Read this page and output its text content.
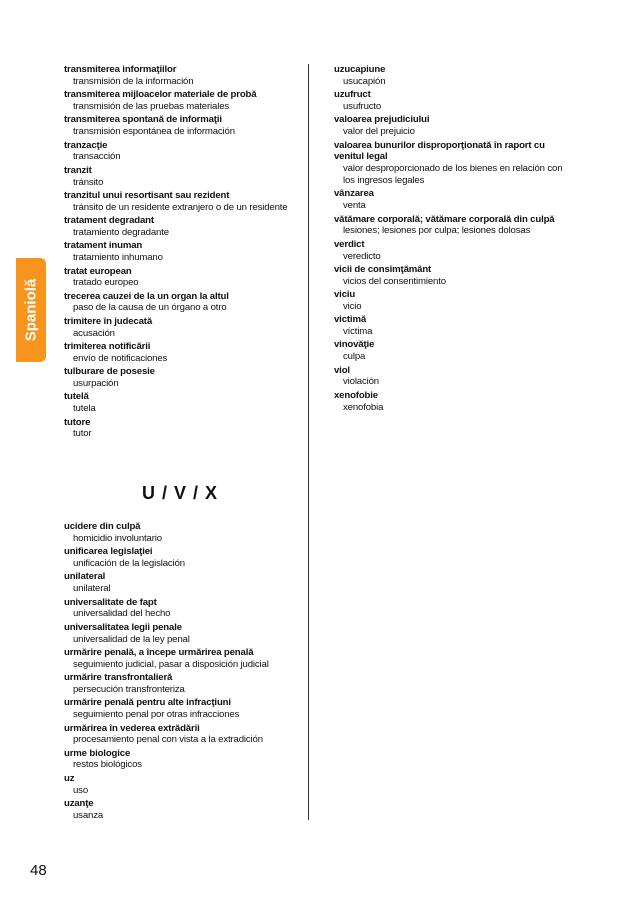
Spaniolă
transmiterea informaţiilor
transmisión de la información
transmiterea mijloacelor materiale de probă
transmisión de las pruebas materiales
transmiterea spontană de informaţii
transmisión espontánea de información
tranzacţie
transacción
tranzit
tránsito
tranzitul unui resortisant sau rezident
tránsito de un residente extranjero o de un residente
tratament degradant
tratamiento degradante
tratament inuman
tratamiento inhumano
tratat european
tratado europeo
trecerea cauzei de la un organ la altul
paso de la causa de un órgano a otro
trimitere în judecată
acusación
trimiterea notificării
envío de notificaciones
tulburare de posesie
usurpación
tutelă
tutela
tutore
tutor
U / V / X
ucidere din culpă
homicidio involuntario
unificarea legislaţiei
unificación de la legislación
unilateral
unilateral
universalitate de fapt
universalidad del hecho
universalitatea legii penale
universalidad de la ley penal
urmărire penală, a începe urmărirea penală
seguimiento judicial, pasar a disposición judicial
urmărire transfrontalieră
persecución transfronteriza
urmărire penală pentru alte infracţiuni
seguimiento penal por otras infracciones
urmărirea în vederea extrădării
procesamiento penal con vista a la extradición
urme biologice
restos biológicos
uz
uso
uzanţe
usanza
uzucapiune
usucapión
uzufruct
usufructo
valoarea prejudiciului
valor del prejuicio
valoarea bunurilor disproporţionată în raport cu venitul legal
valor desproporcionado de los bienes en relación con los ingresos legales
vânzarea
venta
vătămare corporală; vătămare corporală din culpă
lesiones; lesiones por culpa; lesiones dolosas
verdict
veredicto
vicii de consimţământ
vicios del consentimiento
viciu
vicio
victimă
víctima
vinovăţie
culpa
viol
violación
xenofobie
xenofobia
48
